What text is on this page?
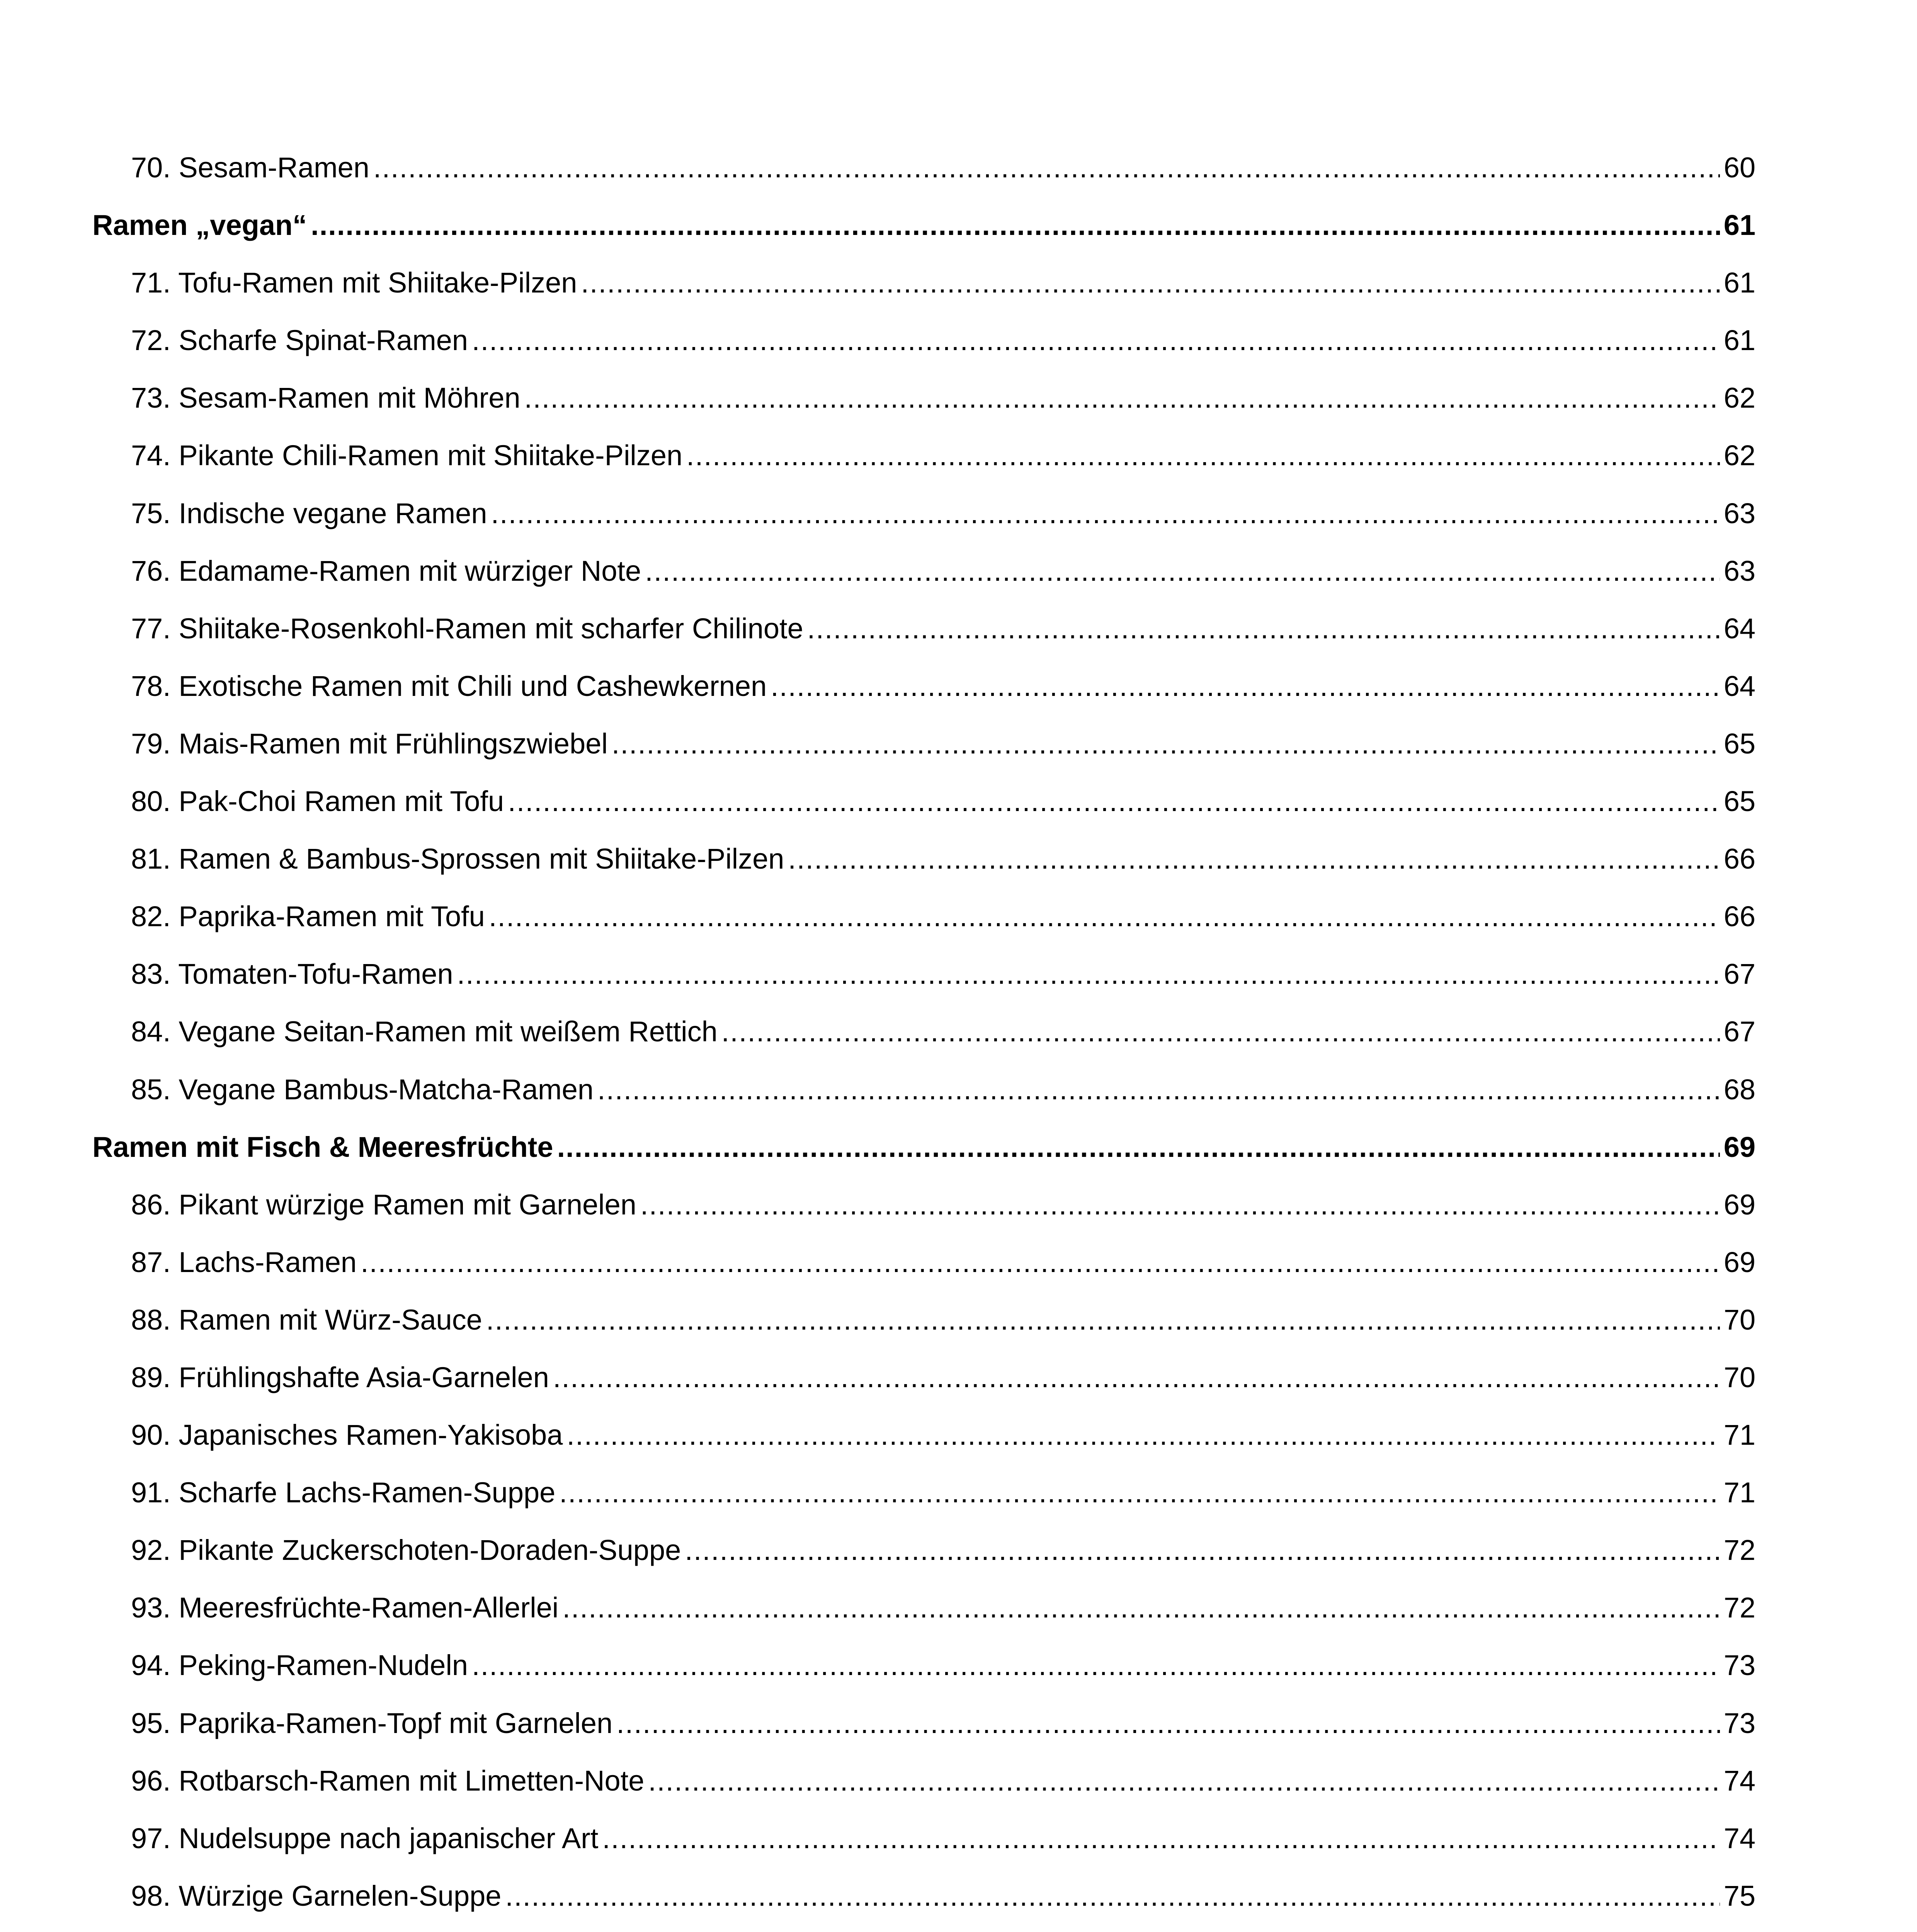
70. Sesam-Ramen .....	60
Ramen „vegan“ .....	61
71. Tofu-Ramen mit Shiitake-Pilzen .....	61
72. Scharfe Spinat-Ramen .....	61
73. Sesam-Ramen mit Möhren .....	62
74. Pikante Chili-Ramen mit Shiitake-Pilzen .....	62
75. Indische vegane Ramen .....	63
76. Edamame-Ramen mit würziger Note .....	63
77. Shiitake-Rosenkohl-Ramen mit scharfer Chilinote .....	64
78. Exotische Ramen mit Chili und Cashewkernen .....	64
79. Mais-Ramen mit Frühlingszwiebel .....	65
80. Pak-Choi Ramen mit Tofu .....	65
81. Ramen & Bambus-Sprossen mit Shiitake-Pilzen .....	66
82. Paprika-Ramen mit Tofu .....	66
83. Tomaten-Tofu-Ramen .....	67
84. Vegane Seitan-Ramen mit weißem Rettich .....	67
85. Vegane Bambus-Matcha-Ramen .....	68
Ramen mit Fisch & Meeresfrüchte .....	69
86. Pikant würzige Ramen mit Garnelen .....	69
87. Lachs-Ramen .....	69
88. Ramen mit Würz-Sauce .....	70
89. Frühlingshafte Asia-Garnelen .....	70
90. Japanisches Ramen-Yakisoba .....	71
91. Scharfe Lachs-Ramen-Suppe .....	71
92. Pikante Zuckerschoten-Doraden-Suppe .....	72
93. Meeresfrüchte-Ramen-Allerlei .....	72
94. Peking-Ramen-Nudeln .....	73
95. Paprika-Ramen-Topf mit Garnelen .....	73
96. Rotbarsch-Ramen mit Limetten-Note .....	74
97. Nudelsuppe nach japanischer Art .....	74
98. Würzige Garnelen-Suppe .....	75
.....
